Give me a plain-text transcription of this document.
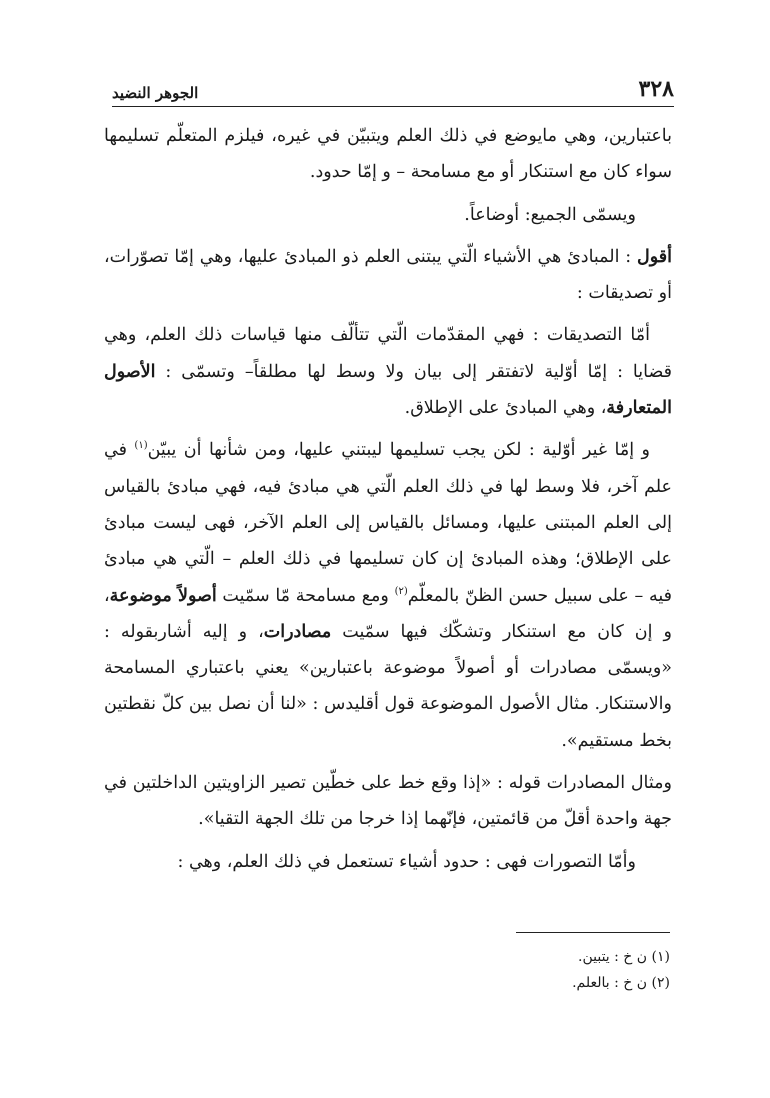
٣٢٨
الجوهر النضيد

باعتبارين، وهي مايوضع في ذلك العلم ويتبيّن في غيره، فيلزم المتعلّم تسليمها سواء كان مع استنكار أو مع مسامحة – و إمّا حدود.

ويسمّى الجميع: أوضاعاً.

أقول : المبادئ هي الأشياء الّتي يبتنى العلم ذو المبادئ عليها، وهي إمّا تصوّرات، أو تصديقات :

أمّا التصديقات : فهي المقدّمات الّتي تتألّف منها قياسات ذلك العلم، وهي قضايا : إمّا أوّلية لاتفتقر إلى بيان ولا وسط لها مطلقاً– وتسمّى : الأصول المتعارفة، وهي المبادئ على الإطلاق.

و إمّا غير أوّلية : لكن يجب تسليمها ليبتني عليها، ومن شأنها أن يبيّن$^{(١)}$ في علم آخر، فلا وسط لها في ذلك العلم الّتي هي مبادئ فيه، فهي مبادئ بالقياس إلى العلم المبتنى عليها، ومسائل بالقياس إلى العلم الآخر، فهى ليست مبادئ على الإطلاق؛ وهذه المبادئ إن كان تسليمها في ذلك العلم – الّتي هي مبادئ فيه – على سبيل حسن الظنّ بالمعلّم$^{(٢)}$ ومع مسامحة مّا سمّيت أصولاً موضوعة، و إن كان مع استنكار وتشكّك فيها سمّيت مصادرات، و إليه أشاربقوله : «ويسمّى مصادرات أو أصولاً موضوعة باعتبارين» يعني باعتباري المسامحة والاستنكار. مثال الأصول الموضوعة قول أقليدس : «لنا أن نصل بين كلّ نقطتين بخط مستقيم».

ومثال المصادرات قوله : «إذا وقع خط على خطّين تصير الزاويتين الداخلتين في جهة واحدة أقلّ من قائمتين، فإنّهما إذا خرجا من تلك الجهة التقيا».

وأمّا التصورات فهى : حدود أشياء تستعمل في ذلك العلم، وهي :

(١) ن خ : يتبين.
(٢) ن خ : بالعلم.
